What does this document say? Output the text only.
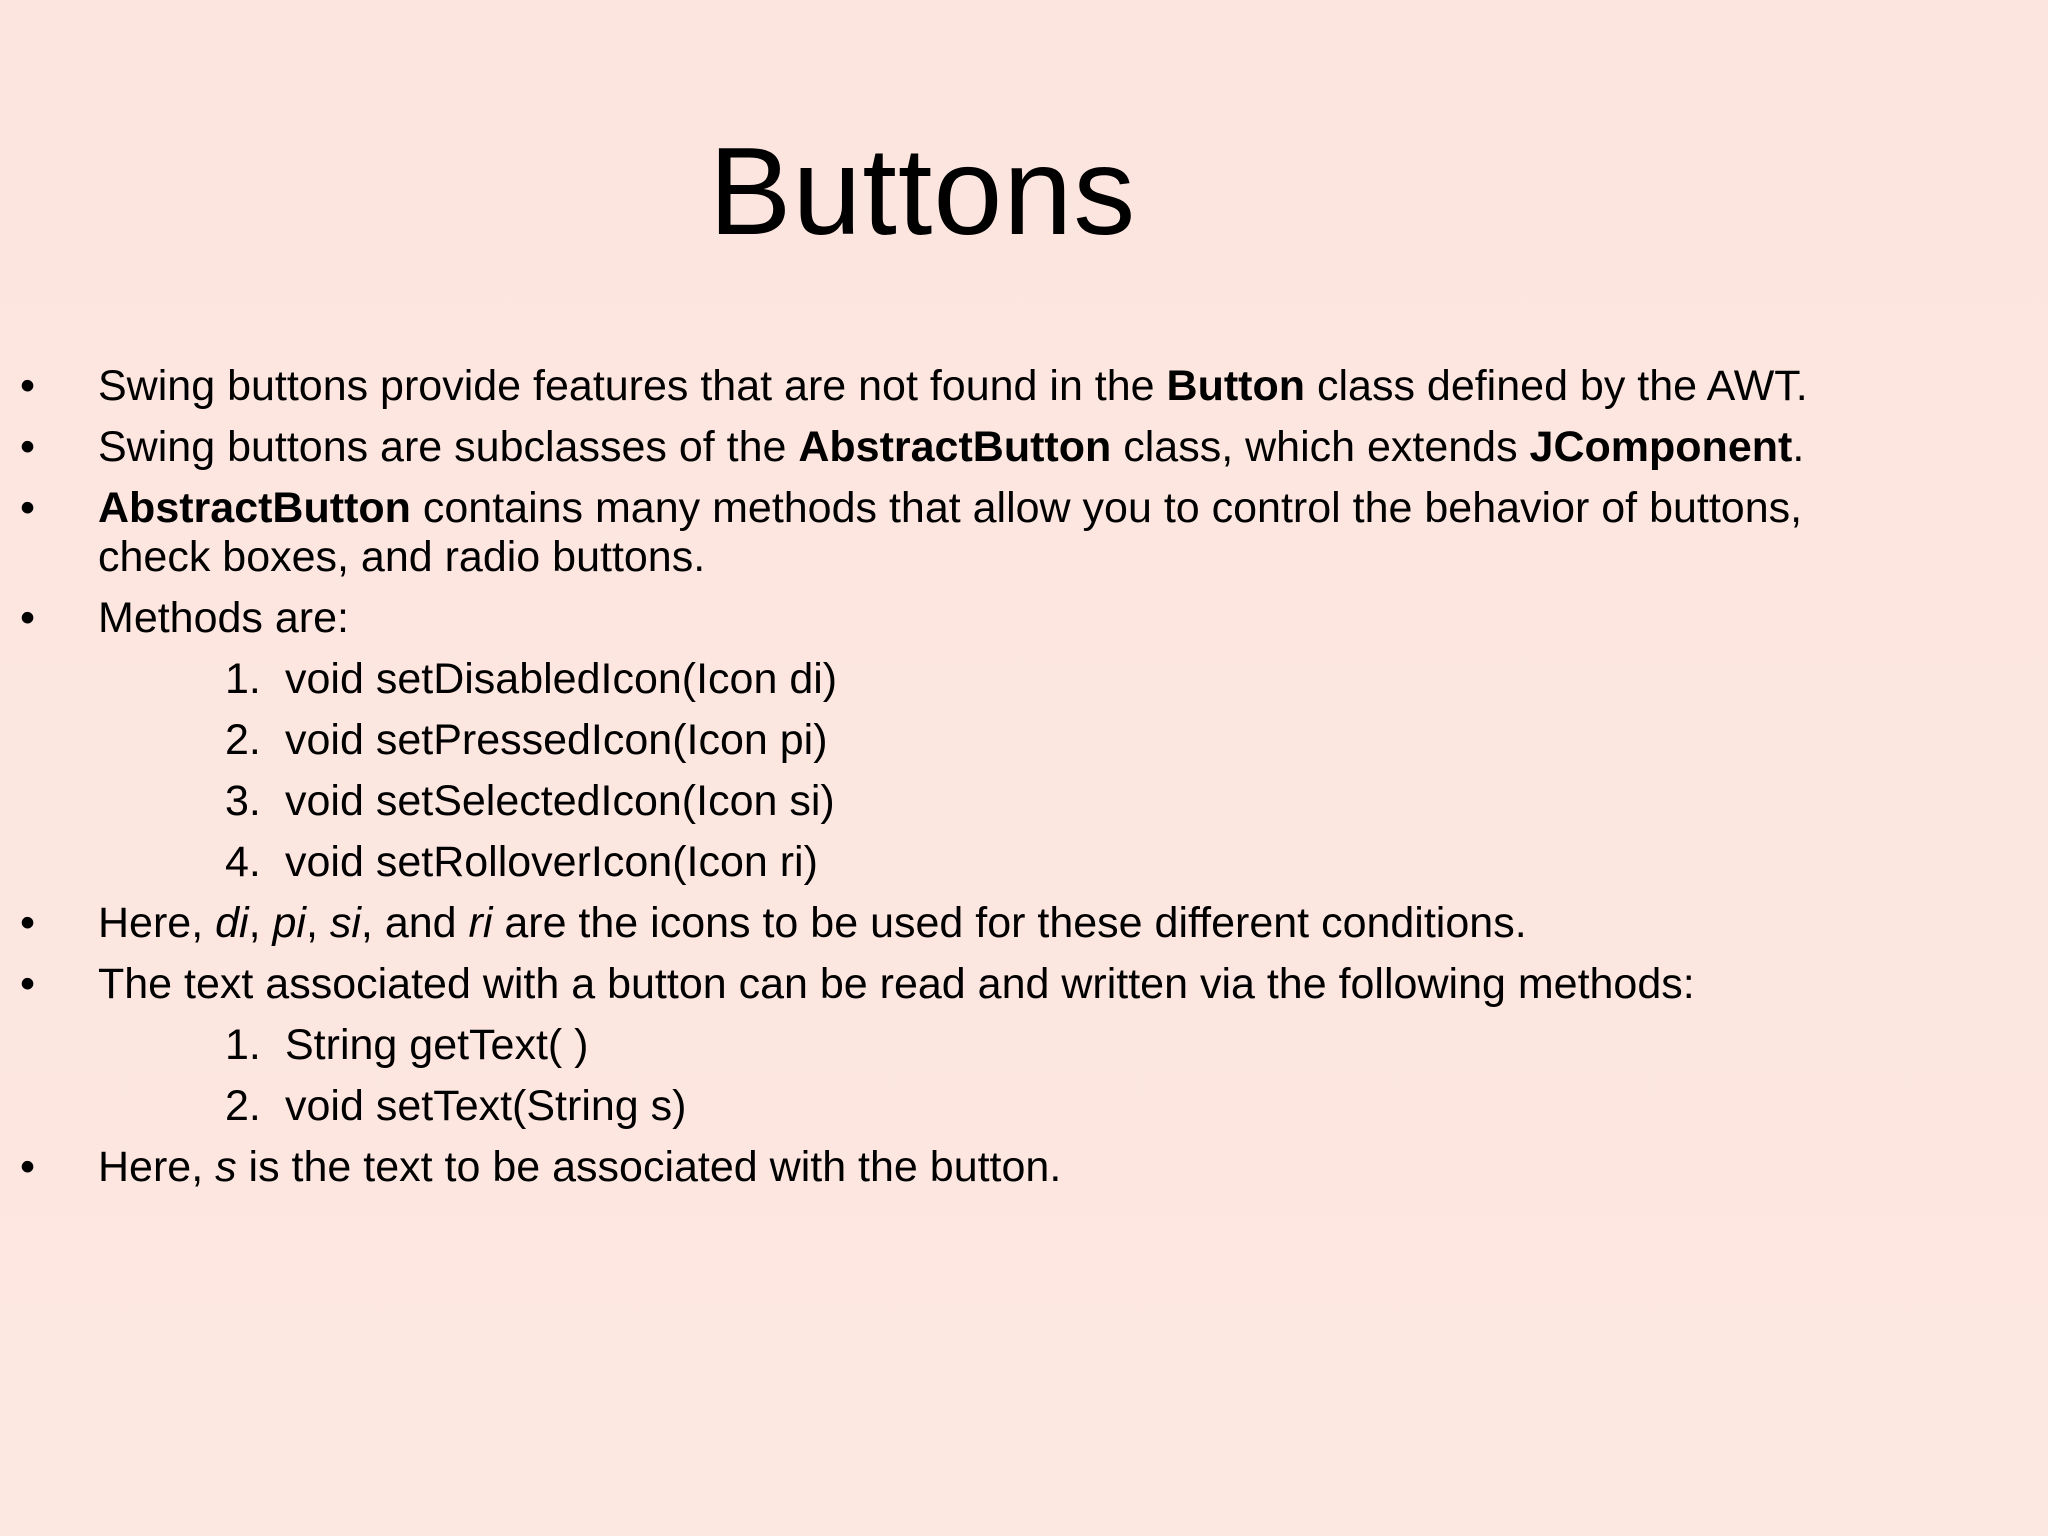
Buttons
• Swing buttons provide features that are not found in the Button class defined by the AWT.
• Swing buttons are subclasses of the AbstractButton class, which extends JComponent.
• AbstractButton contains many methods that allow you to control the behavior of buttons, check boxes, and radio buttons.
• Methods are:
1. void setDisabledIcon(Icon di)
2. void setPressedIcon(Icon pi)
3. void setSelectedIcon(Icon si)
4. void setRolloverIcon(Icon ri)
• Here, di, pi, si, and ri are the icons to be used for these different conditions.
• The text associated with a button can be read and written via the following methods:
1. String getText( )
2. void setText(String s)
• Here, s is the text to be associated with the button.
